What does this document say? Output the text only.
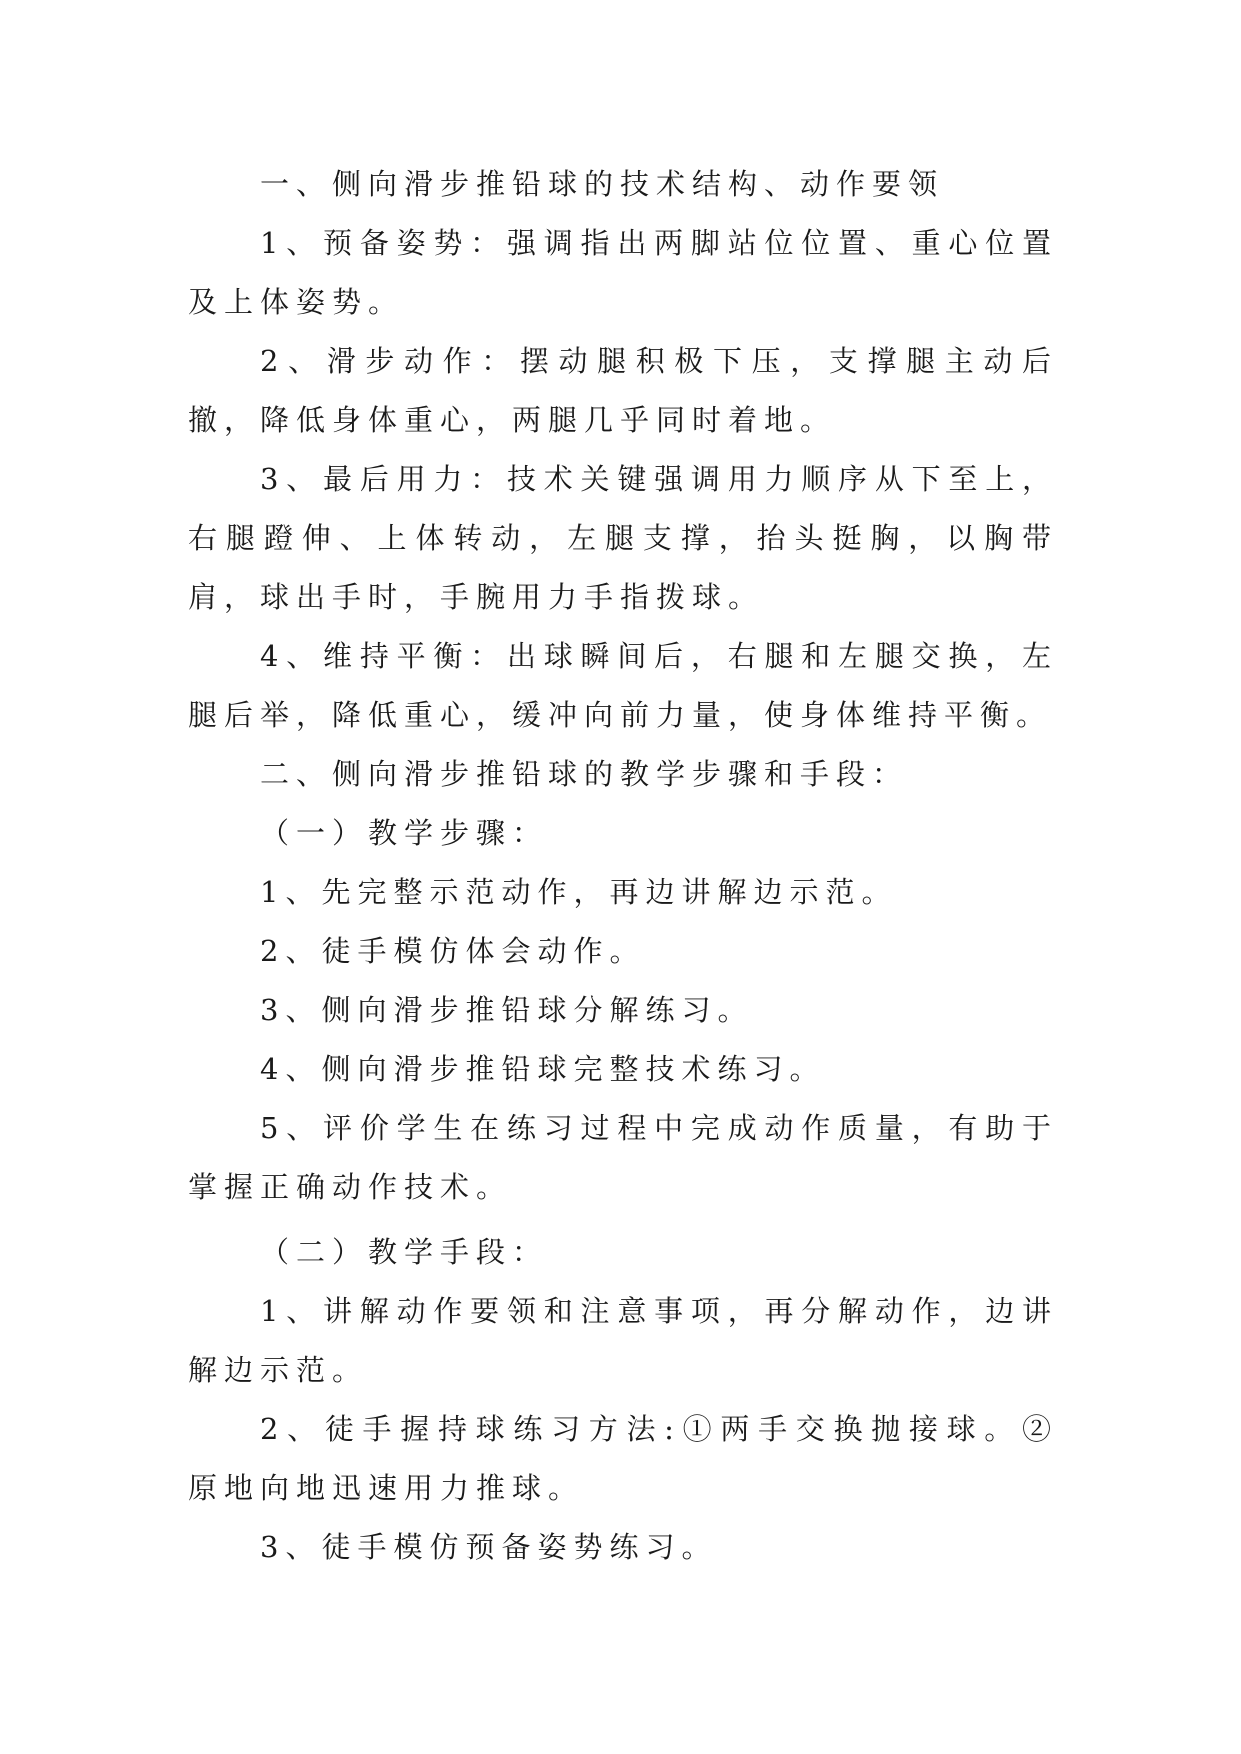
一、侧向滑步推铅球的技术结构、动作要领

1、预备姿势：强调指出两脚站位位置、重心位置及上体姿势。

2、滑步动作：摆动腿积极下压，支撑腿主动后撤，降低身体重心，两腿几乎同时着地。

3、最后用力：技术关键强调用力顺序从下至上，右腿蹬伸、上体转动，左腿支撑，抬头挺胸，以胸带肩，球出手时，手腕用力手指拨球。

4、维持平衡：出球瞬间后，右腿和左腿交换，左腿后举，降低重心，缓冲向前力量，使身体维持平衡。

二、侧向滑步推铅球的教学步骤和手段：

（一）教学步骤：

1、先完整示范动作，再边讲解边示范。

2、徒手模仿体会动作。

3、侧向滑步推铅球分解练习。

4、侧向滑步推铅球完整技术练习。

5、评价学生在练习过程中完成动作质量，有助于掌握正确动作技术。

（二）教学手段：

1、讲解动作要领和注意事项，再分解动作，边讲解边示范。

2、徒手握持球练习方法:①两手交换抛接球。②原地向地迅速用力推球。

3、徒手模仿预备姿势练习。
